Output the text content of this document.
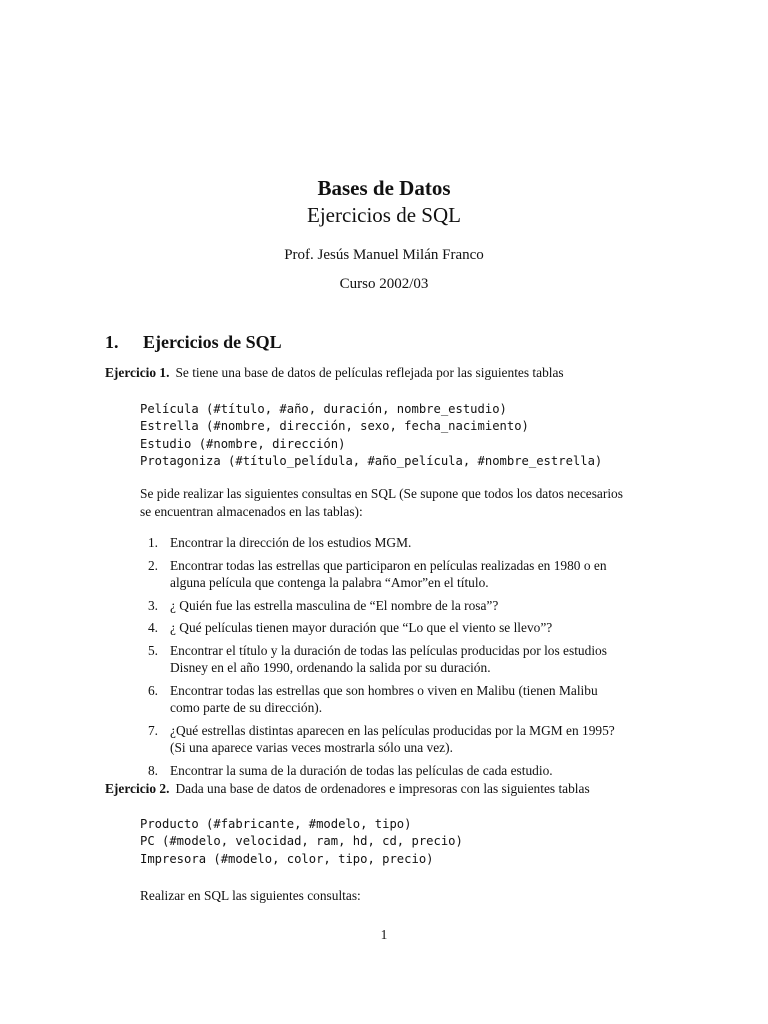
Bases de Datos
Ejercicios de SQL
Prof. Jesús Manuel Milán Franco
Curso 2002/03
1. Ejercicios de SQL
Ejercicio 1. Se tiene una base de datos de películas reflejada por las siguientes tablas
Película (#título, #año, duración, nombre_estudio)
Estrella (#nombre, dirección, sexo, fecha_nacimiento)
Estudio (#nombre, dirección)
Protagoniza (#título_pelídula, #año_película, #nombre_estrella)
Se pide realizar las siguientes consultas en SQL (Se supone que todos los datos necesarios
se encuentran almacenados en las tablas):
1. Encontrar la dirección de los estudios MGM.
2. Encontrar todas las estrellas que participaron en películas realizadas en 1980 o en
alguna película que contenga la palabra “Amor”en el título.
3. ¿ Quién fue las estrella masculina de “El nombre de la rosa”?
4. ¿ Qué películas tienen mayor duración que “Lo que el viento se llevo”?
5. Encontrar el título y la duración de todas las películas producidas por los estudios
Disney en el año 1990, ordenando la salida por su duración.
6. Encontrar todas las estrellas que son hombres o viven en Malibu (tienen Malibu
como parte de su dirección).
7. ¿Qué estrellas distintas aparecen en las películas producidas por la MGM en 1995?
(Si una aparece varias veces mostrarla sólo una vez).
8. Encontrar la suma de la duración de todas las películas de cada estudio.
Ejercicio 2. Dada una base de datos de ordenadores e impresoras con las siguientes tablas
Producto (#fabricante, #modelo, tipo)
PC (#modelo, velocidad, ram, hd, cd, precio)
Impresora (#modelo, color, tipo, precio)
Realizar en SQL las siguientes consultas:
1
